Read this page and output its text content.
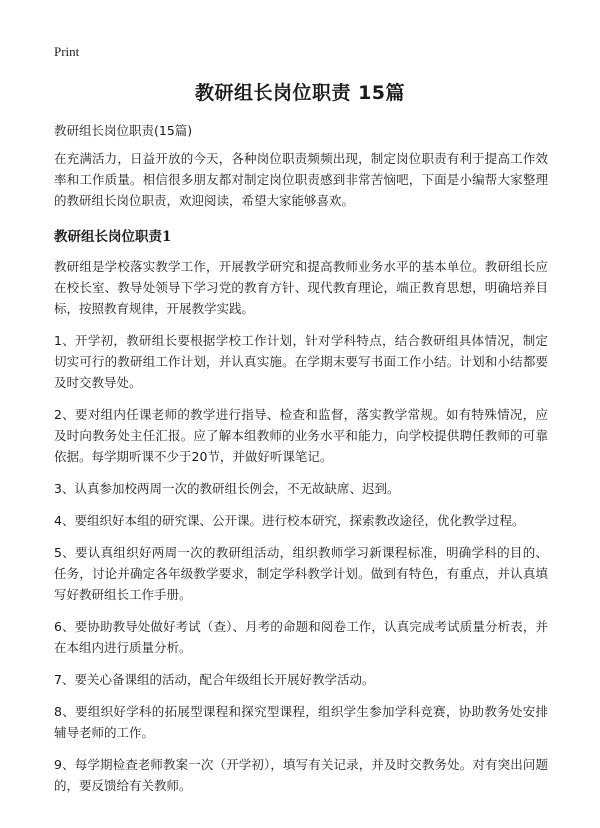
Print
教研组长岗位职责 15篇

教研组长岗位职责(15篇)

在充满活力，日益开放的今天，各种岗位职责频频出现，制定岗位职责有利于提高工作效率和工作质量。相信很多朋友都对制定岗位职责感到非常苦恼吧，下面是小编帮大家整理的教研组长岗位职责，欢迎阅读，希望大家能够喜欢。

教研组长岗位职责1

教研组是学校落实教学工作，开展教学研究和提高教师业务水平的基本单位。教研组长应在校长室、教导处领导下学习党的教育方针、现代教育理论，端正教育思想，明确培养目标，按照教育规律，开展教学实践。

1、开学初，教研组长要根据学校工作计划，针对学科特点，结合教研组具体情况，制定切实可行的教研组工作计划，并认真实施。在学期末要写书面工作小结。计划和小结都要及时交教导处。

2、要对组内任课老师的教学进行指导、检查和监督，落实教学常规。如有特殊情况，应及时向教务处主任汇报。应了解本组教师的业务水平和能力，向学校提供聘任教师的可靠依据。每学期听课不少于20节，并做好听课笔记。

3、认真参加校两周一次的教研组长例会，不无故缺席、迟到。

4、要组织好本组的研究课、公开课。进行校本研究，探索教改途径，优化教学过程。

5、要认真组织好两周一次的教研组活动，组织教师学习新课程标准，明确学科的目的、任务，讨论并确定各年级教学要求，制定学科教学计划。做到有特色，有重点，并认真填写好教研组长工作手册。

6、要协助教导处做好考试（查）、月考的命题和阅卷工作，认真完成考试质量分析表，并在本组内进行质量分析。

7、要关心备课组的活动，配合年级组长开展好教学活动。

8、要组织好学科的拓展型课程和探究型课程，组织学生参加学科竞赛，协助教务处安排辅导老师的工作。

9、每学期检查老师教案一次（开学初），填写有关记录，并及时交教务处。对有突出问题的，要反馈给有关教师。
